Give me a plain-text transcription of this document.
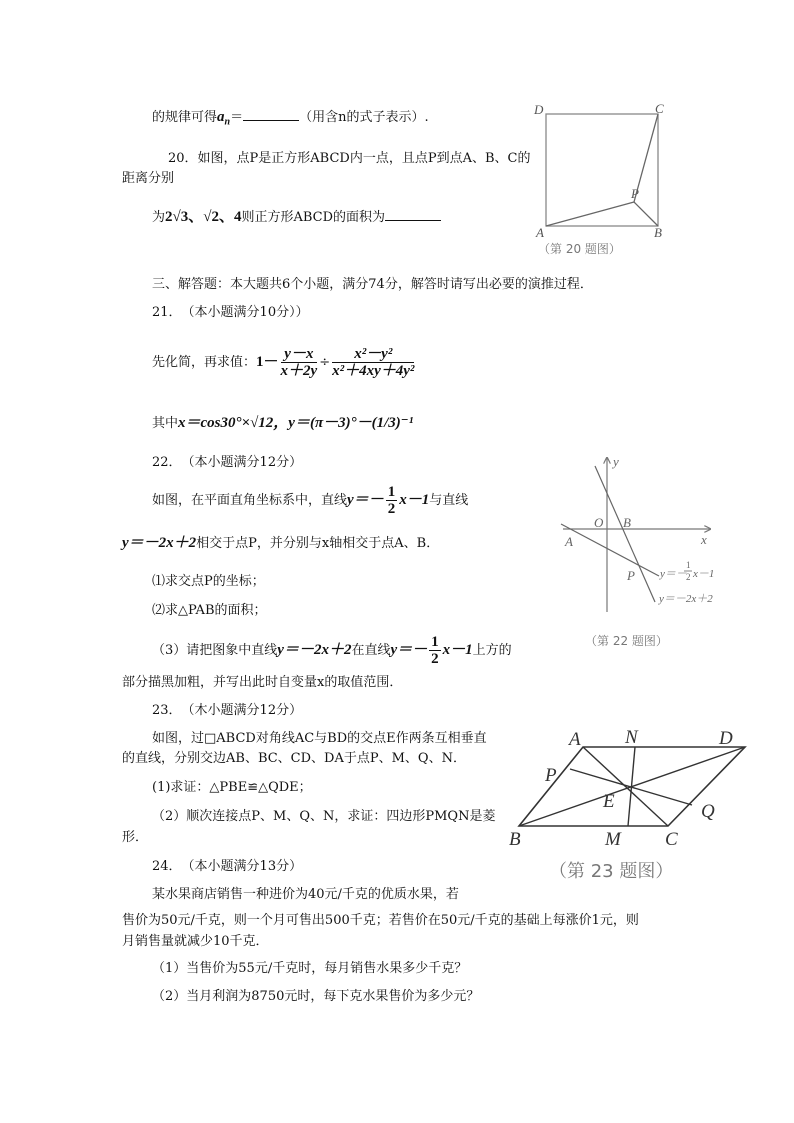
的规律可得$a_n=$	（用含n的式子表示）.
20．如图，点P是正方形ABCD内一点，且点P到点A、B、C的
距离分别
为2√3、√2、4则正方形ABCD的面积为
D	C
A	B
P
（第 20 题图）
三、解答题：本大题共6个小题，满分74分，解答时请写出必要的演推过程．
21．　（本小题满分10分））
先化简，再求值：$1- \frac{y-x}{x+2y} \div \frac{\text{x²－y²}}{\text{x²＋4xy＋4y²}}$
其中x＝cos30°×√12，y＝(π－3)°－(1/3)⁻¹
22．　（本小题满分12分）
如图，在平面直角坐标系中，直线$y=- \frac{1}{2} x-1$与直线
y＝－2x＋2相交于点P，并分别与x轴相交于点A、B．
⑴求交点P的坐标；
⑵求△PAB的面积；
（3）请把图象中直线y＝－2x＋2在直线$y=- \frac{1}{2} x-1$上方的
部分描黑加粗，并写出此时自变量x的取值范围．
y
x
O B
A
P y＝－
1
2 x－1
y＝－2x＋2
（第 22 题图）
23．　（木小题满分12分）
如图，过□ABCD对角线AC与BD的交点E作两条互相垂直
的直线，分别交边AB、BC、CD、DA于点P、M、Q、N．
(1)求证：△PBE≌△QDE；
（2）顺次连接点P、M、Q、N，求证：四边形PMQN是菱
形．
A N	D
P
E	Q
B	M C
（第 23 题图）
24．　（本小题满分13分）
某水果商店销售一种进价为40元/千克的优质水果，若
售价为50元/千克，则一个月可售出500千克；若售价在50元/千克的基础上每涨价1元，则
月销售量就减少10千克．
（1）当售价为55元/千克时，每月销售水果多少千克？
（2）当月利润为8750元时，每下克水果售价为多少元？
